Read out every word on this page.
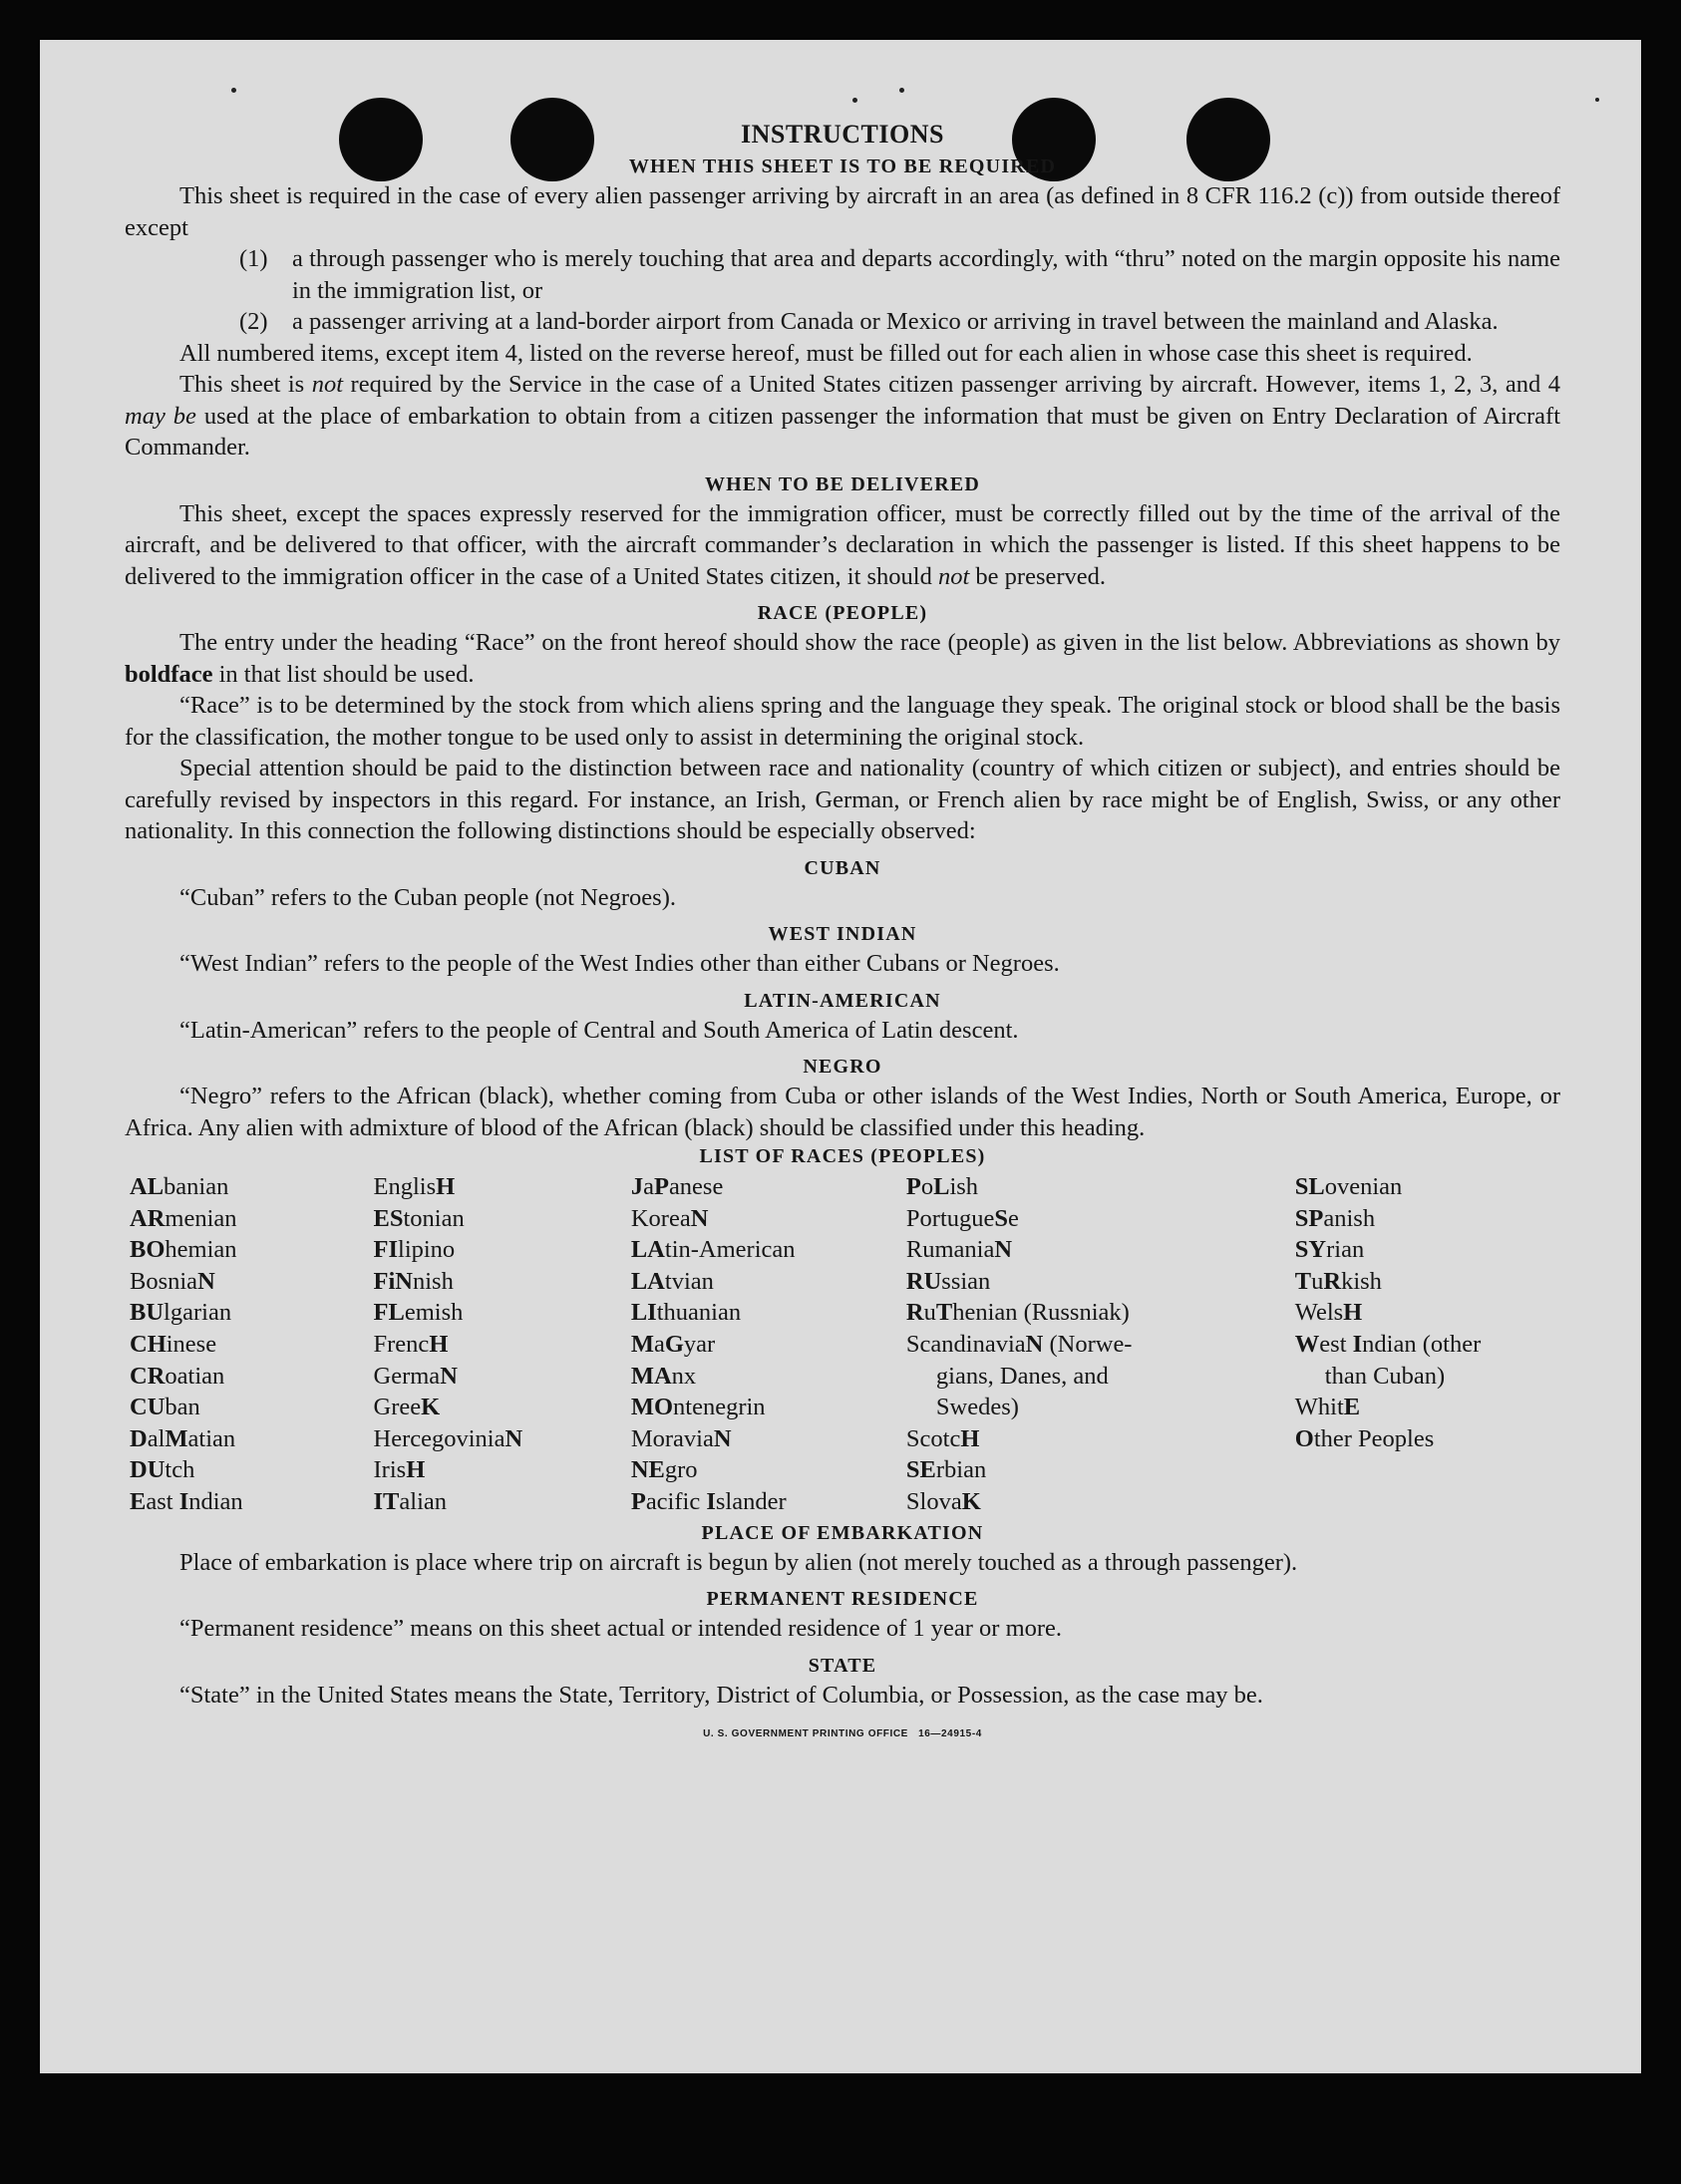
INSTRUCTIONS
WHEN THIS SHEET IS TO BE REQUIRED

This sheet is required in the case of every alien passenger arriving by aircraft in an area (as defined in 8 CFR 116.2 (c)) from outside thereof except

(1) a through passenger who is merely touching that area and departs accordingly, with “thru” noted on the margin opposite his name in the immigration list, or
(2) a passenger arriving at a land-border airport from Canada or Mexico or arriving in travel between the mainland and Alaska.

All numbered items, except item 4, listed on the reverse hereof, must be filled out for each alien in whose case this sheet is required.

This sheet is not required by the Service in the case of a United States citizen passenger arriving by aircraft. However, items 1, 2, 3, and 4 may be used at the place of embarkation to obtain from a citizen passenger the information that must be given on Entry Declaration of Aircraft Commander.

WHEN TO BE DELIVERED

This sheet, except the spaces expressly reserved for the immigration officer, must be correctly filled out by the time of the arrival of the aircraft, and be delivered to that officer, with the aircraft commander’s declaration in which the passenger is listed. If this sheet happens to be delivered to the immigration officer in the case of a United States citizen, it should not be preserved.

RACE (PEOPLE)

The entry under the heading “Race” on the front hereof should show the race (people) as given in the list below. Abbreviations as shown by boldface in that list should be used.

“Race” is to be determined by the stock from which aliens spring and the language they speak. The original stock or blood shall be the basis for the classification, the mother tongue to be used only to assist in determining the original stock.

Special attention should be paid to the distinction between race and nationality (country of which citizen or subject), and entries should be carefully revised by inspectors in this regard. For instance, an Irish, German, or French alien by race might be of English, Swiss, or any other nationality. In this connection the following distinctions should be especially observed:

CUBAN

“Cuban” refers to the Cuban people (not Negroes).

WEST INDIAN

“West Indian” refers to the people of the West Indies other than either Cubans or Negroes.

LATIN-AMERICAN

“Latin-American” refers to the people of Central and South America of Latin descent.

NEGRO

“Negro” refers to the African (black), whether coming from Cuba or other islands of the West Indies, North or South America, Europe, or Africa. Any alien with admixture of blood of the African (black) should be classified under this heading.

LIST OF RACES (PEOPLES)
ALbanian
ARmenian
BOhemian
BosniaN
BUlgarian
CHinese
CRoatian
CUban
DalMatian
DUtch
East Indian
EnglisH
EStonian
FIlipino
FiNnish
FLemish
FrencH
GermaN
GreeK
HercegoviniaN
IrisH
ITalian
JaPanese
KoreaN
LAtin-American
LAtvian
LIthuanian
MaGyar
MAnx
MOntenegrin
MoraviaN
NEgro
Pacific Islander
PoLish
PortugueSe
RumaniaN
RUssian
RuThenian (Russniak)
ScandinaviaN (Norwe-
gians, Danes, and
Swedes)
ScotcH
SErbian
SlovaK
SLovenian
SPanish
SYrian
TuRkish
WelsH
West Indian (other
than Cuban)
WhitE
Other Peoples
PLACE OF EMBARKATION

Place of embarkation is place where trip on aircraft is begun by alien (not merely touched as a through passenger).

PERMANENT RESIDENCE

“Permanent residence” means on this sheet actual or intended residence of 1 year or more.

STATE

“State” in the United States means the State, Territory, District of Columbia, or Possession, as the case may be.

U. S. GOVERNMENT PRINTING OFFICE   16—24915‑4
